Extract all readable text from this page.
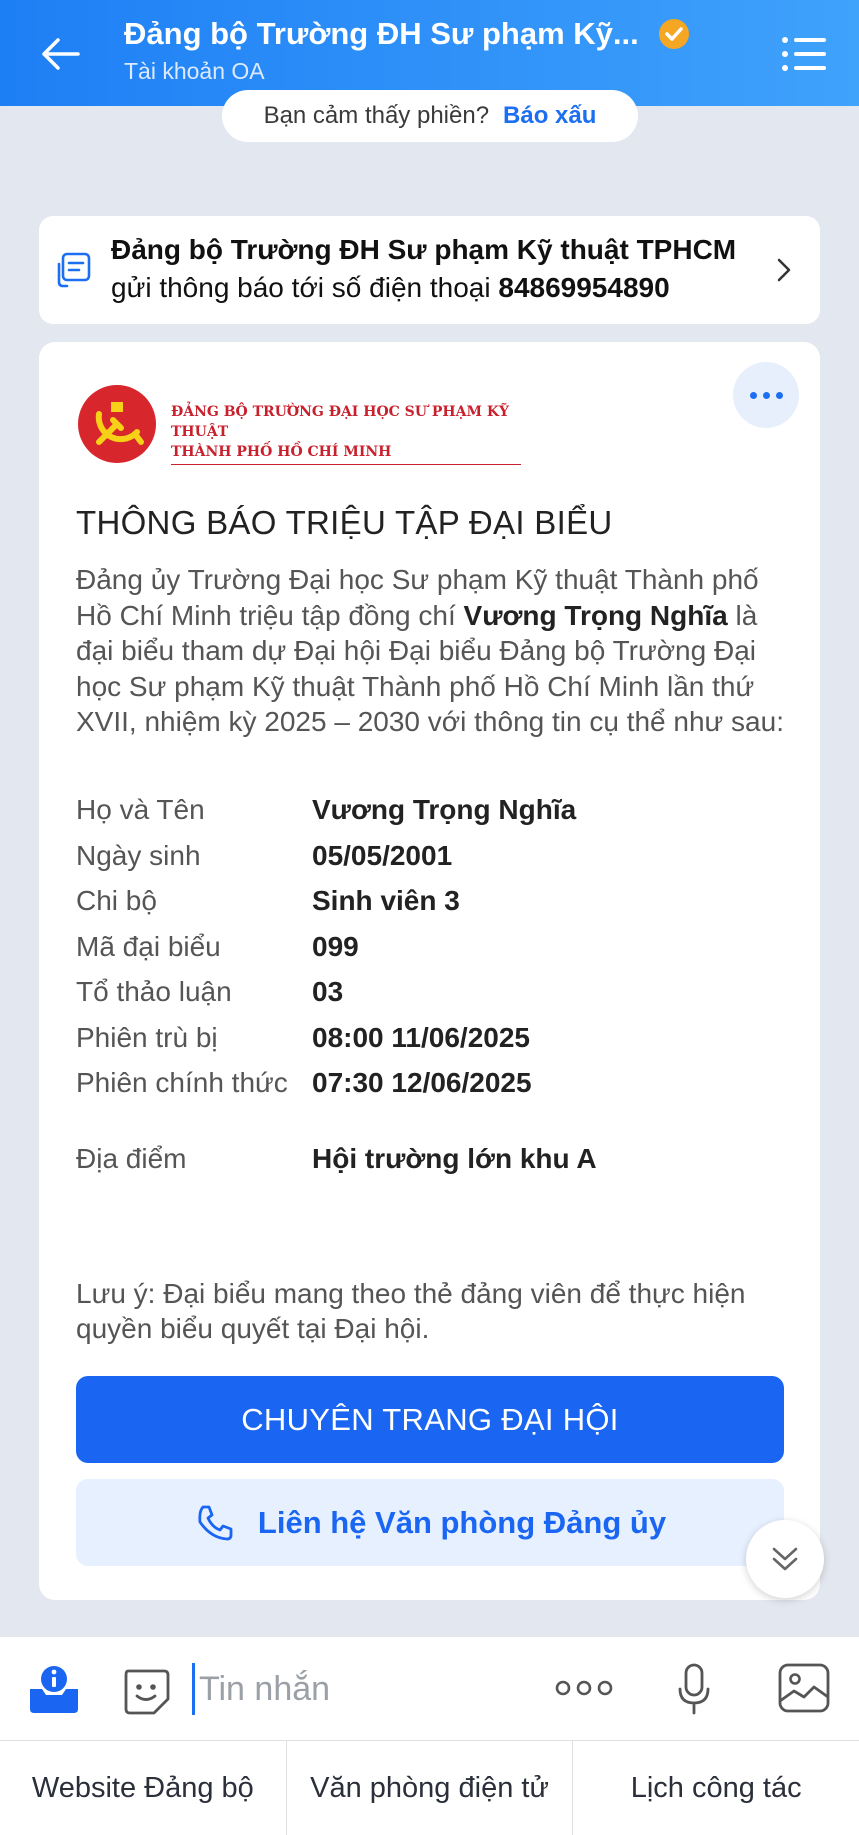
Đảng bộ Trường ĐH Sư phạm Kỹ...
Tài khoản OA
Bạn cảm thấy phiền? Báo xấu
Đảng bộ Trường ĐH Sư phạm Kỹ thuật TPHCM
gửi thông báo tới số điện thoại 84869954890
ĐẢNG BỘ TRƯỜNG ĐẠI HỌC SƯ PHẠM KỸ THUẬT
THÀNH PHỐ HỒ CHÍ MINH
THÔNG BÁO TRIỆU TẬP ĐẠI BIỂU
Đảng ủy Trường Đại học Sư phạm Kỹ thuật Thành phố Hồ Chí Minh triệu tập đồng chí Vương Trọng Nghĩa là đại biểu tham dự Đại hội Đại biểu Đảng bộ Trường Đại học Sư phạm Kỹ thuật Thành phố Hồ Chí Minh lần thứ XVII, nhiệm kỳ 2025 – 2030 với thông tin cụ thể như sau:
Họ và Tên	Vương Trọng Nghĩa
Ngày sinh	05/05/2001
Chi bộ	Sinh viên 3
Mã đại biểu	099
Tổ thảo luận	03
Phiên trù bị	08:00 11/06/2025
Phiên chính thức 07:30 12/06/2025
Địa điểm	Hội trường lớn khu A
Lưu ý: Đại biểu mang theo thẻ đảng viên để thực hiện quyền biểu quyết tại Đại hội.
CHUYÊN TRANG ĐẠI HỘI
Liên hệ Văn phòng Đảng ủy
Tin nhắn
Website Đảng bộ	Văn phòng điện tử	Lịch công tác
